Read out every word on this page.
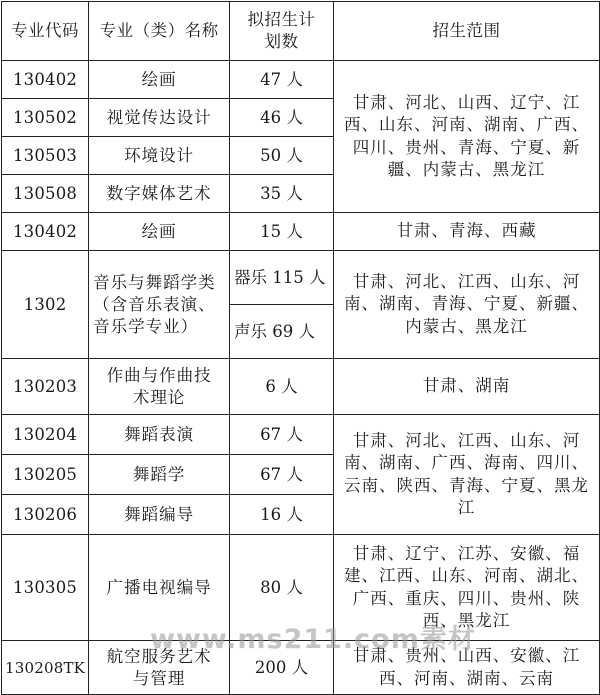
专业代码	专业（类）名称	拟招生计划数	招生范围
130402	绘画	47 人	甘肃、河北、山西、辽宁、江西、山东、河南、湖南、广西、四川、贵州、青海、宁夏、新疆、内蒙古、黑龙江
130502	视觉传达设计	46 人	
130503	环境设计	50 人	
130508	数字媒体艺术	35 人	
130402	绘画	15 人	甘肃、青海、西藏
1302	音乐与舞蹈学类（含音乐表演、音乐学专业）	器乐 115 人	甘肃、河北、江西、山东、河南、湖南、青海、宁夏、新疆、内蒙古、黑龙江
		声乐 69 人	
130203	作曲与作曲技术理论	6 人	甘肃、湖南
130204	舞蹈表演	67 人	甘肃、河北、江西、山东、河南、湖南、广西、海南、四川、云南、陕西、青海、宁夏、黑龙江
130205	舞蹈学	67 人	
130206	舞蹈编导	16 人	
130305	广播电视编导	80 人	甘肃、辽宁、江苏、安徽、福建、江西、山东、河南、湖北、广西、重庆、四川、贵州、陕西、黑龙江
130208TK	航空服务艺术与管理	200 人	甘肃、贵州、山西、安徽、江西、河南、湖南、云南
www.ms211.com素材
